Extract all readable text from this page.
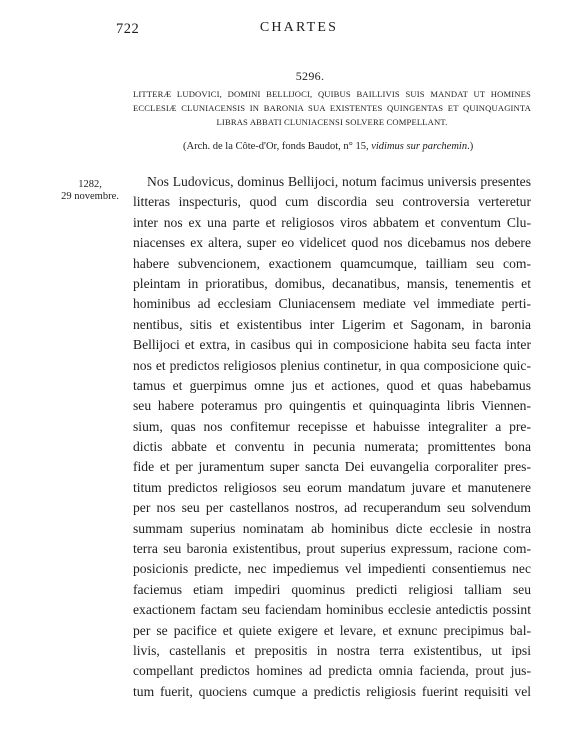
722	CHARTES
5296.
LITTERÆ LUDOVICI, DOMINI BELLIJOCI, QUIBUS BAILLIVIS SUIS MANDAT UT HOMINES
ECCLESIÆ CLUNIACENSIS IN BARONIA SUA EXISTENTES QUINGENTAS ET QUINQUAGINTA
LIBRAS ABBATI CLUNIACENSI SOLVERE COMPELLANT.
(Arch. de la Côte-d'Or, fonds Baudot, n° 15, vidimus sur parchemin.)
1282,
29 novembre.
Nos Ludovicus, dominus Bellijoci, notum facimus universis presentes
litteras inspecturis, quod cum discordia seu controversia verteretur
inter nos ex una parte et religiosos viros abbatem et conventum Clu-
niacenses ex altera, super eo videlicet quod nos dicebamus nos debere
habere subvencionem, exactionem quamcumque, tailliam seu com-
pleintam in prioratibus, domibus, decanatibus, mansis, tenementis et
hominibus ad ecclesiam Cluniacensem mediate vel immediate perti-
nentibus, sitis et existentibus inter Ligerim et Sagonam, in baronia
Bellijoci et extra, in casibus qui in composicione habita seu facta inter
nos et predictos religiosos plenius continetur, in qua composicione quic-
tamus et guerpimus omne jus et actiones, quod et quas habebamus
seu habere poteramus pro quingentis et quinquaginta libris Viennen-
sium, quas nos confitemur recepisse et habuisse integraliter a pre-
dictis abbate et conventu in pecunia numerata; promittentes bona
fide et per juramentum super sancta Dei euvangelia corporaliter pres-
titum predictos religiosos seu eorum mandatum juvare et manutenere
per nos seu per castellanos nostros, ad recuperandum seu solvendum
summam superius nominatam ab hominibus dicte ecclesie in nostra
terra seu baronia existentibus, prout superius expressum, racione com-
posicionis predicte, nec impediemus vel impedienti consentiemus nec
faciemus etiam impediri quominus predicti religiosi talliam seu
exactionem factam seu faciendam hominibus ecclesie antedictis possint
per se pacifice et quiete exigere et levare, et exnunc precipimus bal-
livis, castellanis et prepositis in nostra terra existentibus, ut ipsi
compellant predictos homines ad predicta omnia facienda, prout jus-
tum fuerit, quociens cumque a predictis religiosis fuerint requisiti vel
